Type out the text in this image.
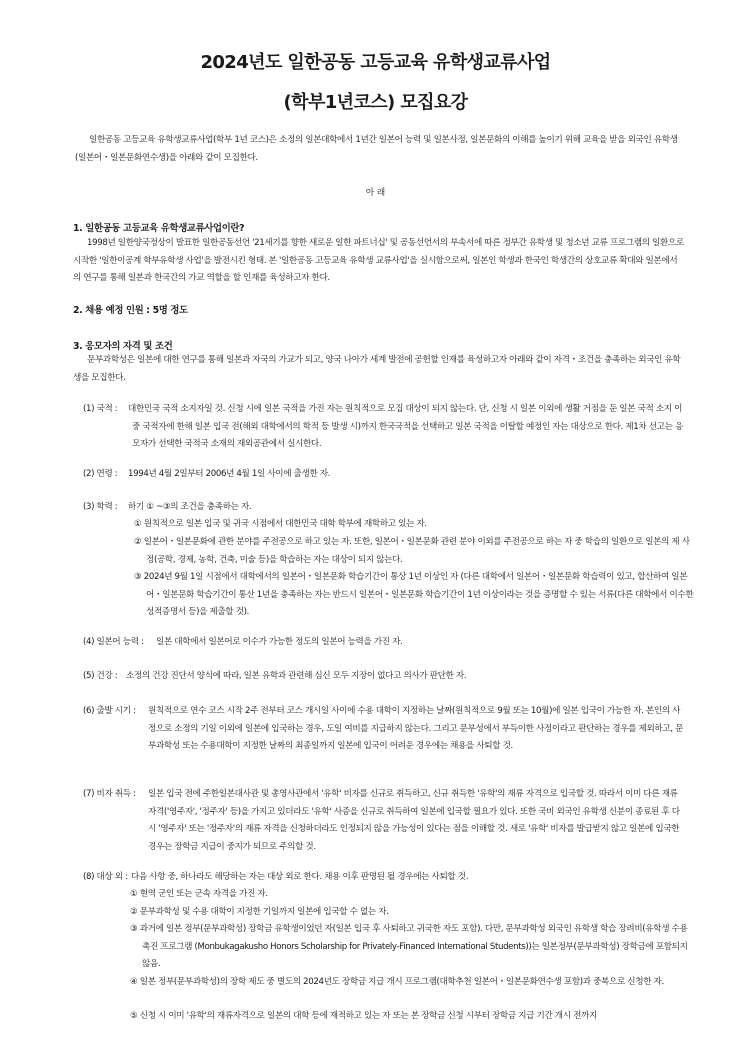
2024년도 일한공동 고등교육 유학생교류사업
(학부1년코스) 모집요강

일한공동 고등교육 유학생교류사업(학부 1년 코스)은 소정의 일본대학에서 1년간 일본어 능력 및 일본사정, 일본문화의 이해를 높이기 위해 교육을 받을 외국인 유학생(일본어・일본문화연수생)을 아래와 같이 모집한다.

아 래
1. 일한공동 고등교육 유학생교류사업이란?

1998년 일한양국정상이 발표한 일한공동선언 '21세기를 향한 새로운 일한 파트너십' 및 공동선언서의 부속서에 따른 정부간 유학생 및 청소년 교류 프로그램의 일환으로 시작한 '일한이공계 학부유학생 사업'을 발전시킨 형태. 본 '일한공동 고등교육 유학생 교류사업'을 실시함으로써, 일본인 학생과 한국인 학생간의 상호교류 확대와 일본에서의 연구를 통해 일본과 한국간의 가교 역할을 할 인재를 육성하고자 한다.

2. 채용 예정 인원 : 5명 정도
3. 응모자의 자격 및 조건

문부과학성은 일본에 대한 연구를 통해 일본과 자국의 가교가 되고, 양국 나아가 세계 발전에 공헌할 인재를 육성하고자 아래와 같이 자격・조건을 충족하는 외국인 유학생을 모집한다.

(1) 국적 : 대한민국 국적 소지자일 것. 신청 시에 일본 국적을 가진 자는 원칙적으로 모집 대상이 되지 않는다. 단, 신청 시 일본 이외에 생활 거점을 둔 일본 국적 소지 이중 국적자에 한해 일본 입국 전(해외 대학에서의 학적 등 발생 시)까지 한국국적을 선택하고 일본 국적을 이탈할 예정인 자는 대상으로 한다. 제1차 선고는 응모자가 선택한 국적국 소재의 재외공관에서 실시한다.

(2) 연령 : 1994년 4월 2일부터 2006년 4월 1일 사이에 출생한 자.

(3) 학력 : 하기 ① ~③의 조건을 충족하는 자.

① 원칙적으로 일본 입국 및 귀국 시점에서 대한민국 대학 학부에 재학하고 있는 자.

② 일본어・일본문화에 관한 분야를 주전공으로 하고 있는 자. 또한, 일본어・일본문화 관련 분야 이외를 주전공으로 하는 자 중 학습의 일환으로 일본의 제 사정(공학, 경제, 농학, 건축, 미술 등)을 학습하는 자는 대상이 되지 않는다.

③ 2024년 9월 1일 시점에서 대학에서의 일본어・일본문화 학습기간이 통상 1년 이상인 자 (다른 대학에서 일본어・일본문화 학습력이 있고, 합산하여 일본어・일본문화 학습기간이 통산 1년을 충족하는 자는 반드시 일본어・일본문화 학습기간이 1년 이상이라는 것을 증명할 수 있는 서류(다른 대학에서 이수한 성적증명서 등)을 제출할 것).

(4) 일본어 능력 : 일본 대학에서 일본어로 이수가 가능한 정도의 일본어 능력을 가진 자.

(5) 건강 : 소정의 건강 진단서 양식에 따라, 일본 유학과 관련해 심신 모두 지장이 없다고 의사가 판단한 자.

(6) 출발 시기 : 원칙적으로 연수 코스 시작 2주 전부터 코스 개시일 사이에 수용 대학이 지정하는 날짜(원칙적으로 9월 또는 10월)에 일본 입국이 가능한 자. 본인의 사정으로 소정의 기일 이외에 일본에 입국하는 경우, 도일 여비를 지급하지 않는다. 그리고 문부성에서 부득이한 사정이라고 판단하는 경우를 제외하고, 문부과학성 또는 수용대학이 지정한 날짜의 최종일까지 일본에 입국이 어려운 경우에는 채용을 사퇴할 것.

(7) 비자 취득 : 일본 입국 전에 주한일본대사관 및 총영사관에서 '유학' 비자를 신규로 취득하고, 신규 취득한 '유학'의 재류 자격으로 입국할 것. 따라서 이미 다른 재류 자격('영주자', '정주자' 등)을 가지고 있더라도 '유학' 사증을 신규로 취득하여 일본에 입국할 필요가 있다. 또한 국비 외국인 유학생 신분이 종료된 후 다시 '영주자' 또는 '정주자'의 재류 자격을 신청하더라도 인정되지 않을 가능성이 있다는 점을 이해할 것. 새로 '유학' 비자를 발급받지 않고 일본에 입국한 경우는 장학금 지급이 중지가 되므로 주의할 것.

(8) 대상 외 : 다음 사항 중, 하나라도 해당하는 자는 대상 외로 한다. 채용 이후 판명된 될 경우에는 사퇴할 것.

① 현역 군인 또는 군속 자격을 가진 자.

② 문부과학성 및 수용 대학이 지정한 기일까지 일본에 입국할 수 없는 자.

③ 과거에 일본 정부(문부과학성) 장학금 유학생이었던 자(일본 입국 후 사퇴하고 귀국한 자도 포함). 다만, 문부과학성 외국인 유학생 학습 장려비(유학생 수용 촉진 프로그램 (Monbukagakusho Honors Scholarship for Privately-Financed International Students))는 일본정부(문부과학성) 장학금에 포함되지 않음.

④ 일본 정부(문부과학성)의 장학 제도 중 별도의 2024년도 장학금 지급 개시 프로그램(대학추천 일본어・일본문화연수생 포함)과 중복으로 신청한 자.

⑤ 신청 시 이미 '유학'의 재류자격으로 일본의 대학 등에 재적하고 있는 자 또는 본 장학금 신청 시부터 장학금 지급 기간 개시 전까지
